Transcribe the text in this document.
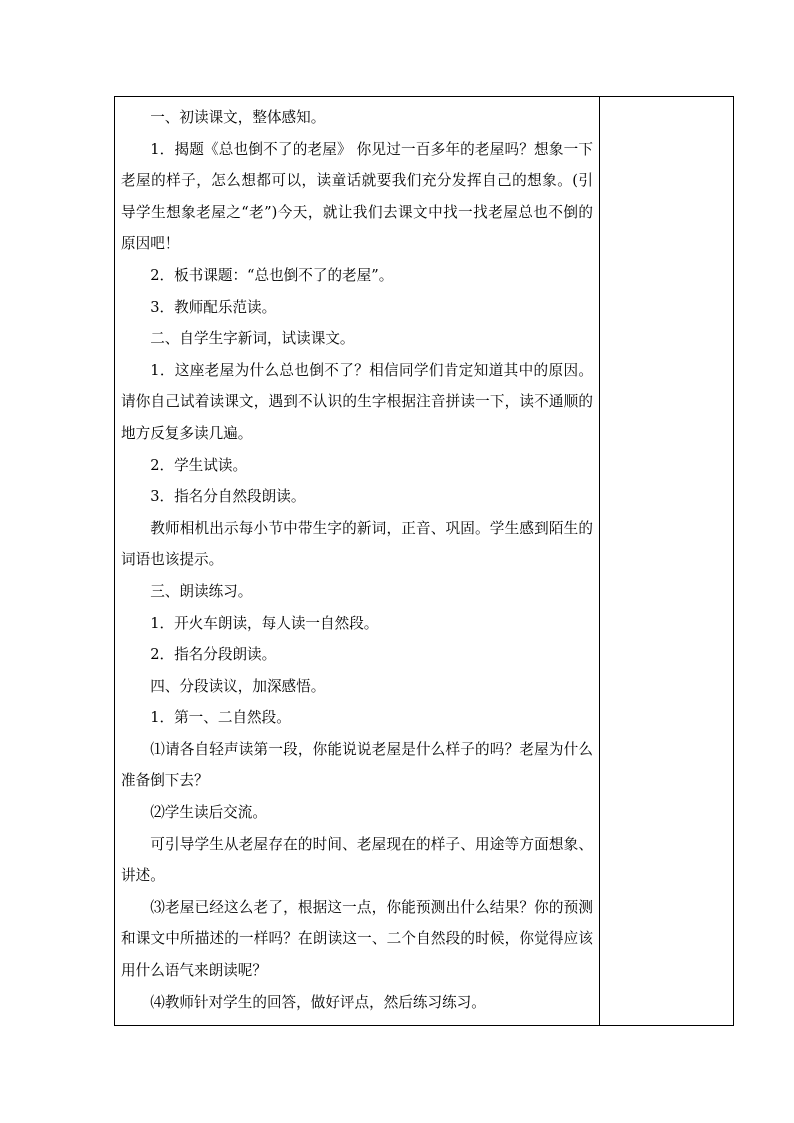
一、初读课文，整体感知。

1．揭题《总也倒不了的老屋》 你见过一百多年的老屋吗？想象一下老屋的样子，怎么想都可以，读童话就要我们充分发挥自己的想象。(引导学生想象老屋之“老”)今天，就让我们去课文中找一找老屋总也不倒的原因吧！

2．板书课题：“总也倒不了的老屋”。

3．教师配乐范读。

二、自学生字新词，试读课文。

1．这座老屋为什么总也倒不了？相信同学们肯定知道其中的原因。请你自己试着读课文，遇到不认识的生字根据注音拼读一下，读不通顺的地方反复多读几遍。

2．学生试读。

3．指名分自然段朗读。

教师相机出示每小节中带生字的新词，正音、巩固。学生感到陌生的词语也该提示。

三、朗读练习。

1．开火车朗读，每人读一自然段。

2．指名分段朗读。

四、分段读议，加深感悟。

1．第一、二自然段。

⑴请各自轻声读第一段，你能说说老屋是什么样子的吗？老屋为什么准备倒下去？

⑵学生读后交流。

可引导学生从老屋存在的时间、老屋现在的样子、用途等方面想象、讲述。

⑶老屋已经这么老了，根据这一点，你能预测出什么结果？你的预测和课文中所描述的一样吗？在朗读这一、二个自然段的时候，你觉得应该用什么语气来朗读呢？

⑷教师针对学生的回答，做好评点，然后练习练习。
